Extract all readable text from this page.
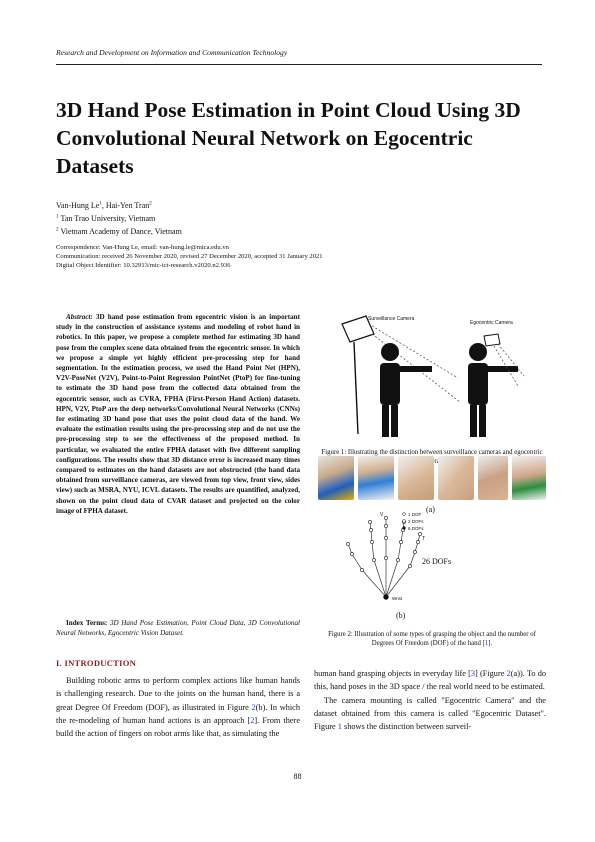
Research and Development on Information and Communication Technology
3D Hand Pose Estimation in Point Cloud Using 3D Convolutional Neural Network on Egocentric Datasets
Van-Hung Le$^1$, Hai-Yen Tran$^2$
$^1$ Tan Trao University, Vietnam
$^2$ Vietnam Academy of Dance, Vietnam
Correspondence: Van-Hung Le, email: van-hung.le@mica.edu.vn
Communication: received 26 November 2020, revised 27 December 2020, accepted 31 January 2021
Digital Object Identifier: 10.32913/mic-ict-research.v2020.n2.936
Abstract: 3D hand pose estimation from egocentric vision is an important study in the construction of assistance systems and modeling of robot hand in robotics. In this paper, we propose a complete method for estimating 3D hand pose from the complex scene data obtained from the egocentric sensor. In which we propose a simple yet highly efficient pre-processing step for hand segmentation. In the estimation process, we used the Hand Point Net (HPN), V2V-PoseNet (V2V), Point-to-Point Regression PointNet (PtoP) for fine-tuning to estimate the 3D hand pose from the collected data obtained from the egocentric sensor, such as CVRA, FPHA (First-Person Hand Action) datasets. HPN, V2V, PtoP are the deep networks/Convolutional Neural Networks (CNNs) for estimating 3D hand pose that uses the point cloud data of the hand. We evaluate the estimation results using the pre-processing step and do not use the pre-processing step to see the effectiveness of the proposed method. In particular, we evaluated the entire FPHA dataset with five different sampling configurations. The results show that 3D distance error is increased many times compared to estimates on the hand datasets are not obstructed (the hand data obtained from surveillance cameras, are viewed from top view, front view, sides view) such as MSRA, NYU, ICVL datasets. The results are quantified, analyzed, shown on the point cloud data of CVAR dataset and projected on the color image of FPHA dataset.
Index Terms: 3D Hand Pose Estimation, Point Cloud Data, 3D Convolutional Neural Networks, Egocentric Vision Dataset.
I. INTRODUCTION
Building robotic arms to perform complex actions like human hands is challenging research. Due to the joints on the human hand, there is a great Degree Of Freedom (DOF), as illustrated in Figure 2(b). In which the re-modeling of human hand actions is an approach [2]. From there build the action of fingers on robot arms like that, as simulating the
human hand grasping objects in everyday life [3] (Figure 2(a)). To do this, hand poses in the 3D space / the real world need to be estimated.
The camera mounting is called "Egocentric Camera" and the dataset obtained from this camera is called "Egocentric Dataset". Figure 1 shows the distinction between surveil-
Surveillance Camera
Egocentric Camera
Figure 1: Illustrating the distinction between surveillance cameras and egocentric
(a)
V
T
1 DOF
2 DOFs
6 DOFs
26 DOFs
Wrist
(b)
Figure 2: Illustration of some types of grasping the object and the number of Degrees Of Freedom (DOF) of the hand [1].
88
